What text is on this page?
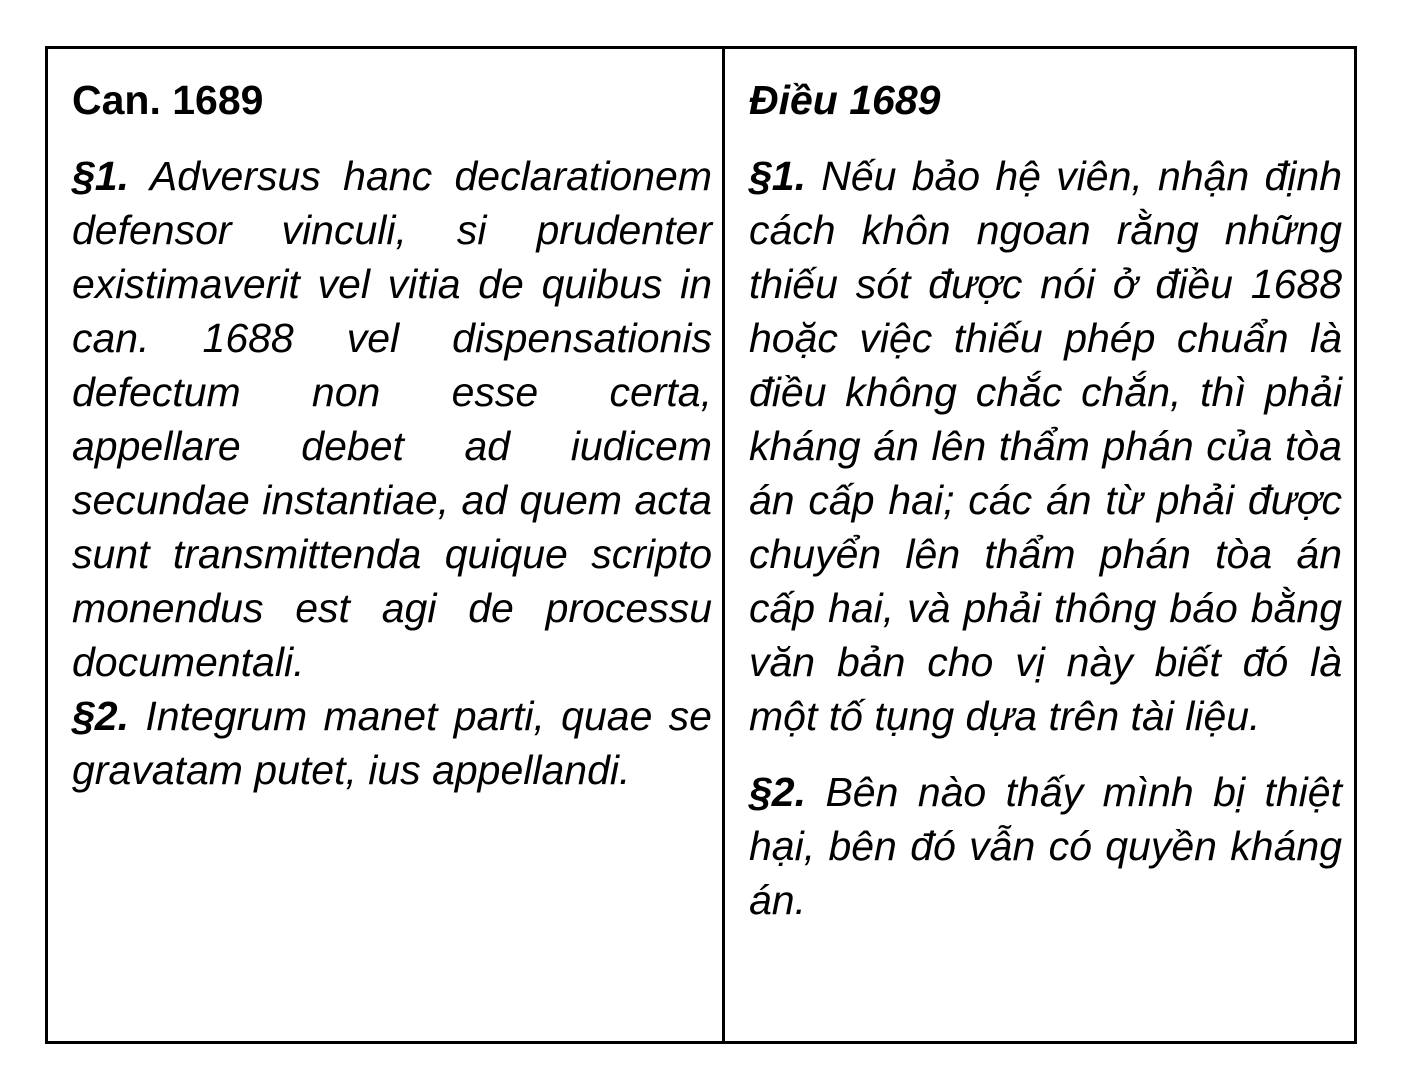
Can. 1689

§1. Adversus hanc declarationem defensor vinculi, si prudenter existimaverit vel vitia de quibus in can. 1688 vel dispensationis defectum non esse certa, appellare debet ad iudicem secundae instantiae, ad quem acta sunt transmittenda quique scripto monendus est agi de processu documentali.

§2. Integrum manet parti, quae se gravatam putet, ius appellandi.

Điều 1689

§1. Nếu bảo hệ viên, nhận định cách khôn ngoan rằng những thiếu sót được nói ở điều 1688 hoặc việc thiếu phép chuẩn là điều không chắc chắn, thì phải kháng án lên thẩm phán của tòa án cấp hai; các án từ phải được chuyển lên thẩm phán tòa án cấp hai, và phải thông báo bằng văn bản cho vị này biết đó là một tố tụng dựa trên tài liệu.

§2. Bên nào thấy mình bị thiệt hại, bên đó vẫn có quyền kháng án.
